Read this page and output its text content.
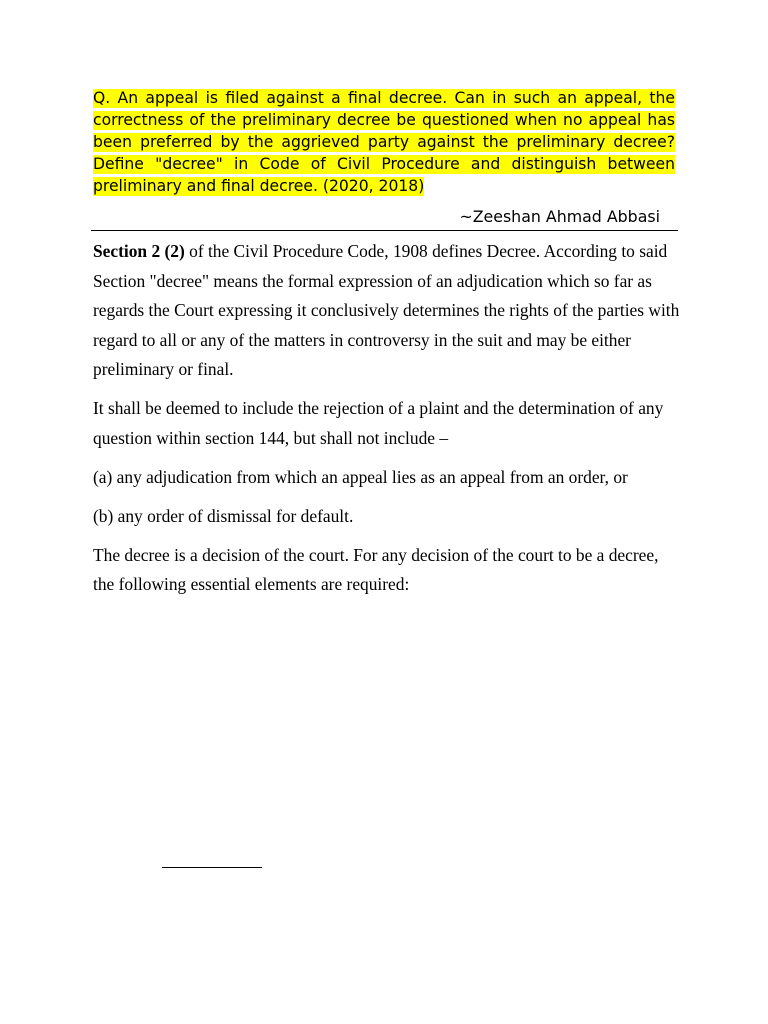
Q. An appeal is filed against a final decree. Can in such an appeal, the correctness of the preliminary decree be questioned when no appeal has been preferred by the aggrieved party against the preliminary decree? Define "decree" in Code of Civil Procedure and distinguish between preliminary and final decree. (2020, 2018)
~Zeeshan Ahmad Abbasi

Section 2 (2) of the Civil Procedure Code, 1908 defines Decree. According to said Section "decree" means the formal expression of an adjudication which so far as regards the Court expressing it conclusively determines the rights of the parties with regard to all or any of the matters in controversy in the suit and may be either preliminary or final.

It shall be deemed to include the rejection of a plaint and the determination of any question within section 144, but shall not include –

(a) any adjudication from which an appeal lies as an appeal from an order, or

(b) any order of dismissal for default.

The decree is a decision of the court. For any decision of the court to be a decree, the following essential elements are required:
